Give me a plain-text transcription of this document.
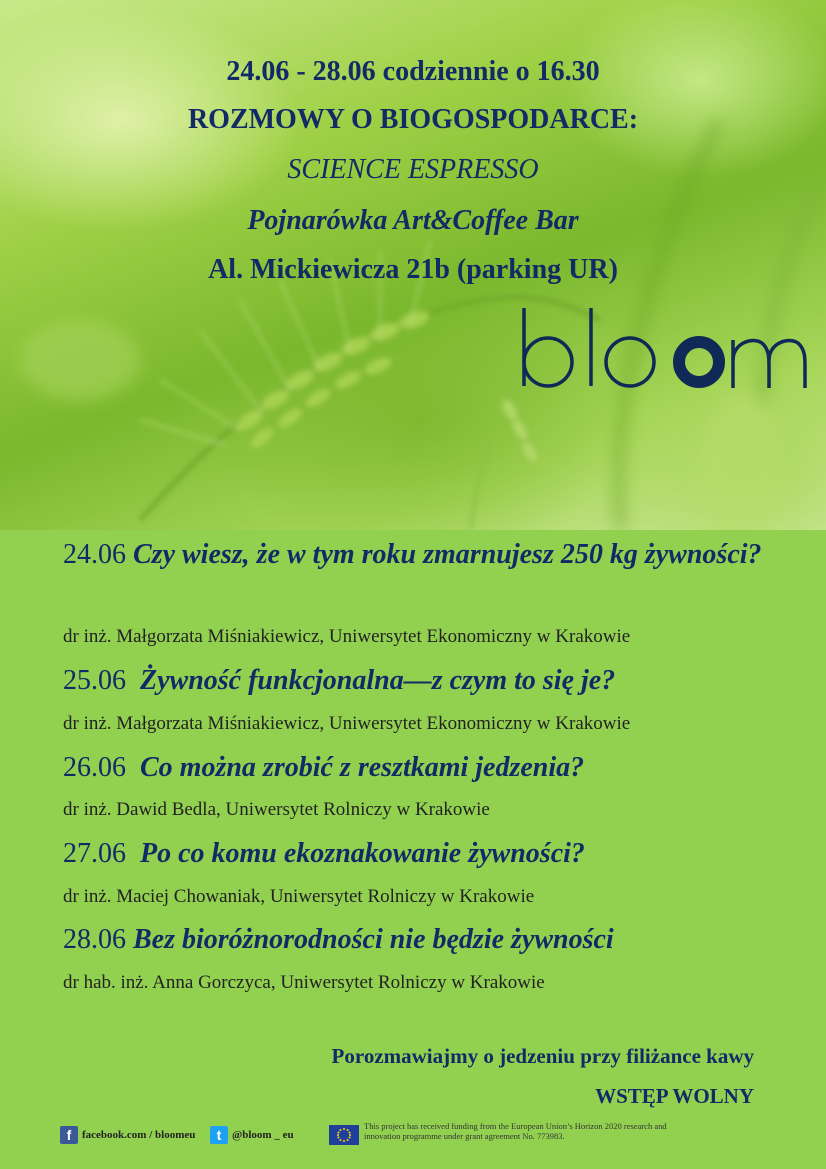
24.06 - 28.06 codziennie o 16.30
ROZMOWY O BIOGOSPODARCE:
SCIENCE ESPRESSO
Pojnarówka Art&Coffee Bar
Al. Mickiewicza 21b (parking UR)
24.06 Czy wiesz, że w tym roku zmarnujesz 250 kg żywności?
dr inż. Małgorzata Miśniakiewicz, Uniwersytet Ekonomiczny w Krakowie
25.06 Żywność funkcjonalna—z czym to się je?
dr inż. Małgorzata Miśniakiewicz, Uniwersytet Ekonomiczny w Krakowie
26.06 Co można zrobić z resztkami jedzenia?
dr inż. Dawid Bedla, Uniwersytet Rolniczy w Krakowie
27.06 Po co komu ekoznakowanie żywności?
dr inż. Maciej Chowaniak, Uniwersytet Rolniczy w Krakowie
28.06 Bez bioróżnorodności nie będzie żywności
dr hab. inż. Anna Gorczyca, Uniwersytet Rolniczy w Krakowie
Porozmawiajmy o jedzeniu przy filiżance kawy
WSTĘP WOLNY
f facebook.com / bloomeu	t @bloom _ eu
This project has received funding from the European Union’s Horizon 2020 research and innovation programme under grant agreement No. 773983.
